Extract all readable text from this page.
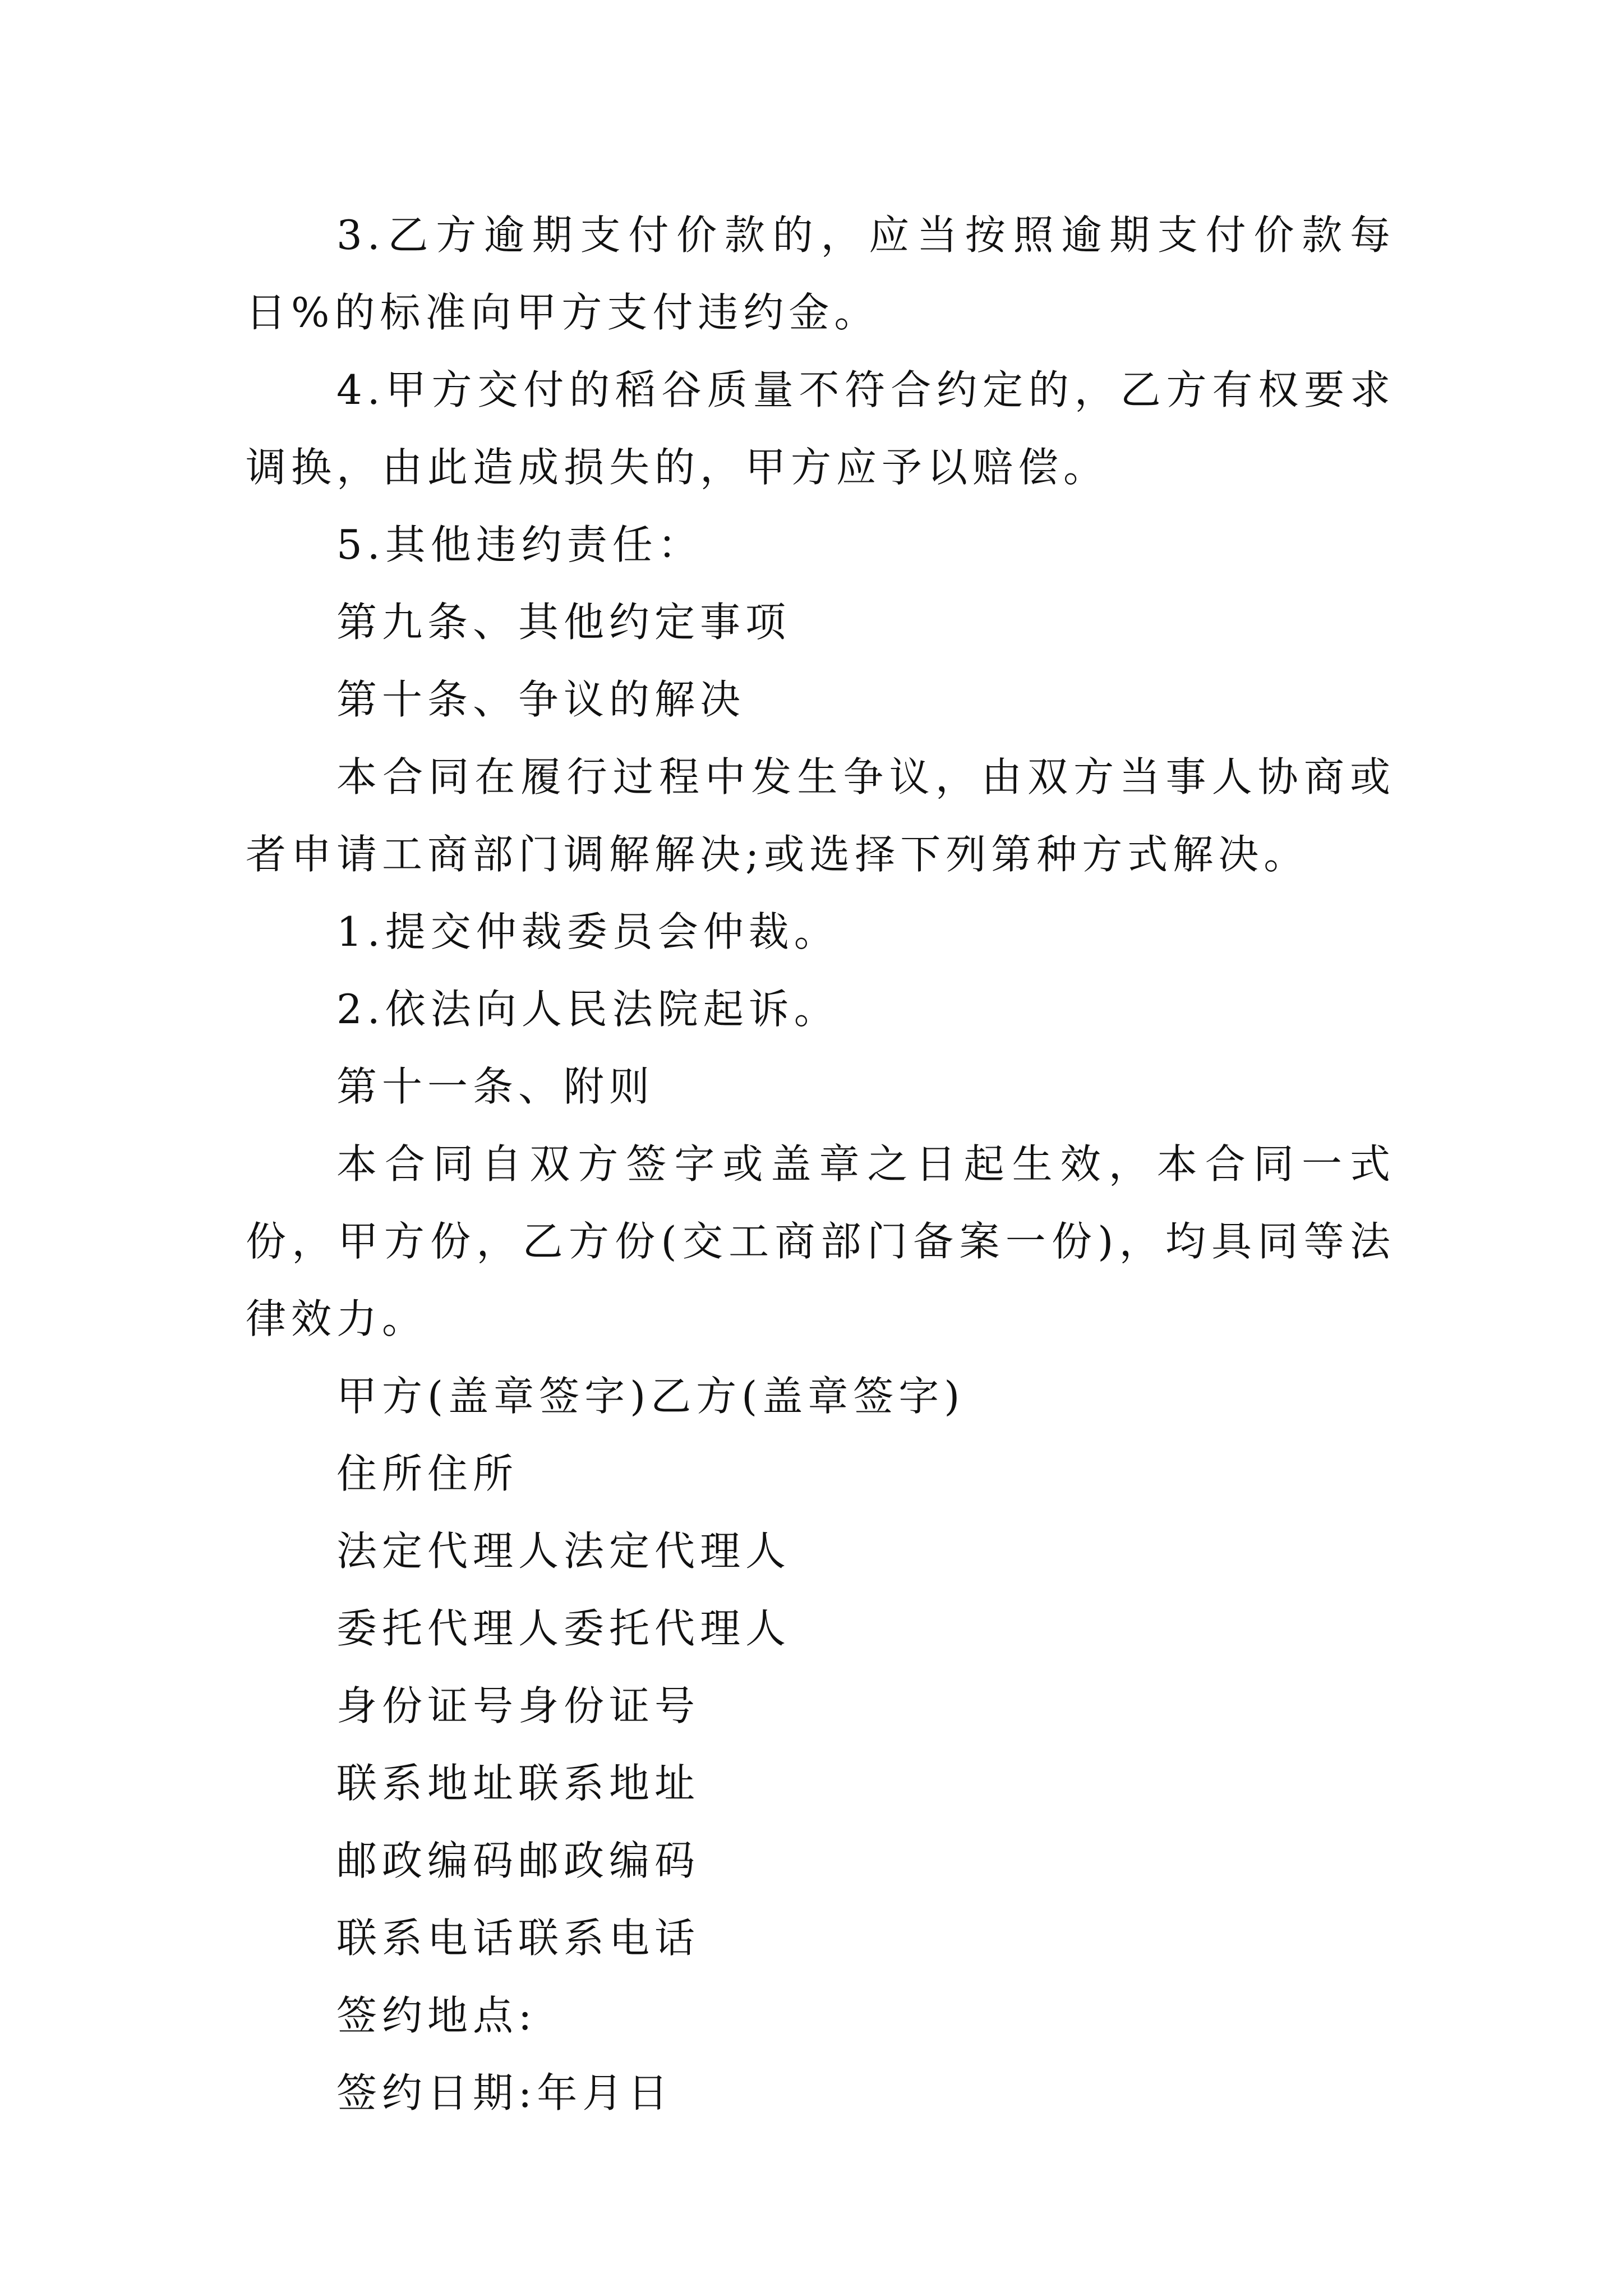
3.乙方逾期支付价款的，应当按照逾期支付价款每日%的标准向甲方支付违约金。

4.甲方交付的稻谷质量不符合约定的，乙方有权要求调换，由此造成损失的，甲方应予以赔偿。

5.其他违约责任：

第九条、其他约定事项

第十条、争议的解决

本合同在履行过程中发生争议，由双方当事人协商或者申请工商部门调解解决;或选择下列第种方式解决。

1.提交仲裁委员会仲裁。

2.依法向人民法院起诉。

第十一条、附则

本合同自双方签字或盖章之日起生效，本合同一式份，甲方份，乙方份(交工商部门备案一份)，均具同等法律效力。

甲方(盖章签字)乙方(盖章签字)

住所住所

法定代理人法定代理人

委托代理人委托代理人

身份证号身份证号

联系地址联系地址

邮政编码邮政编码

联系电话联系电话

签约地点:

签约日期:年月日
